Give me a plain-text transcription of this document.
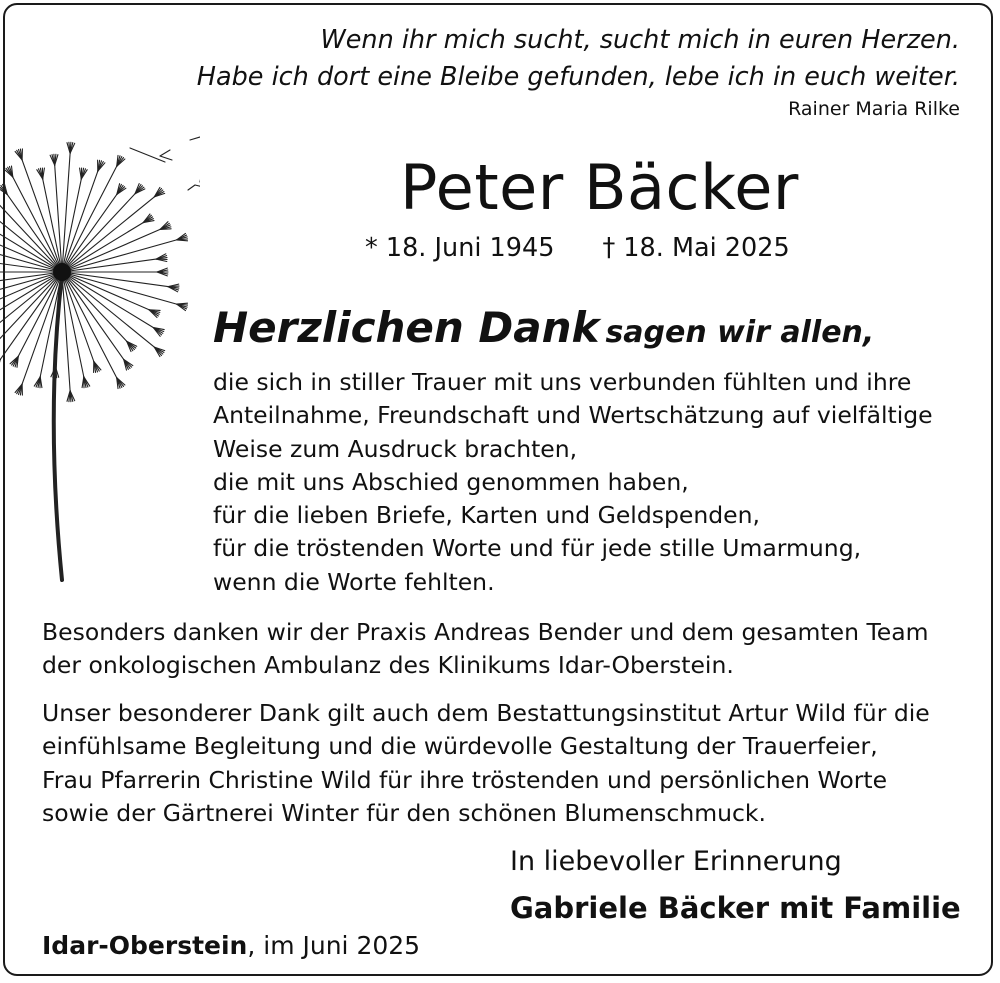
Wenn ihr mich sucht, sucht mich in euren Herzen.
Habe ich dort eine Bleibe gefunden, lebe ich in euch weiter.
Rainer Maria Rilke
Peter Bäcker
* 18. Juni 1945 † 18. Mai 2025
Herzlichen Dank sagen wir allen,
die sich in stiller Trauer mit uns verbunden fühlten und ihre
Anteilnahme, Freundschaft und Wertschätzung auf vielfältige
Weise zum Ausdruck brachten,
die mit uns Abschied genommen haben,
für die lieben Briefe, Karten und Geldspenden,
für die tröstenden Worte und für jede stille Umarmung,
wenn die Worte fehlten.
Besonders danken wir der Praxis Andreas Bender und dem gesamten Team
der onkologischen Ambulanz des Klinikums Idar-Oberstein.
Unser besonderer Dank gilt auch dem Bestattungsinstitut Artur Wild für die
einfühlsame Begleitung und die würdevolle Gestaltung der Trauerfeier,
Frau Pfarrerin Christine Wild für ihre tröstenden und persönlichen Worte
sowie der Gärtnerei Winter für den schönen Blumenschmuck.
In liebevoller Erinnerung
Gabriele Bäcker mit Familie
Idar-Oberstein, im Juni 2025
